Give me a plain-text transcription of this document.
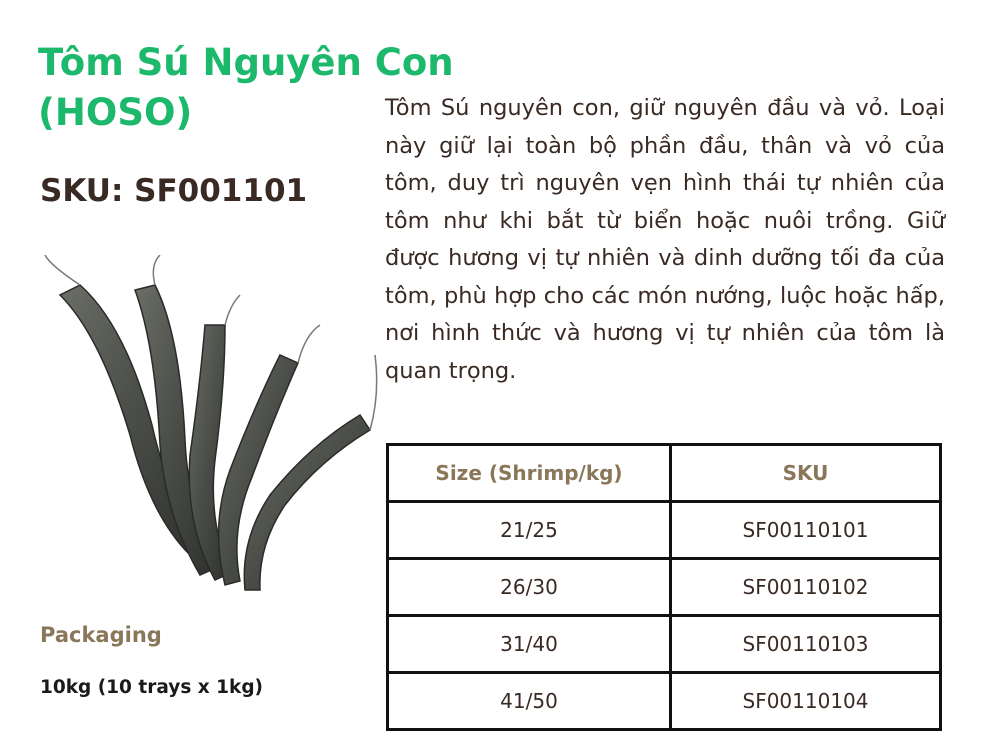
Tôm Sú Nguyên Con
(HOSO)
SKU: SF001101

Tôm Sú nguyên con, giữ nguyên đầu và vỏ. Loại này giữ lại toàn bộ phần đầu, thân và vỏ của tôm, duy trì nguyên vẹn hình thái tự nhiên của tôm như khi bắt từ biển hoặc nuôi trồng. Giữ được hương vị tự nhiên và dinh dưỡng tối đa của tôm, phù hợp cho các món nướng, luộc hoặc hấp, nơi hình thức và hương vị tự nhiên của tôm là quan trọng.

Packaging

10kg (10 trays x 1kg)

Size (Shrimp/kg)	SKU
21/25	SF00110101
26/30	SF00110102
31/40	SF00110103
41/50	SF00110104
